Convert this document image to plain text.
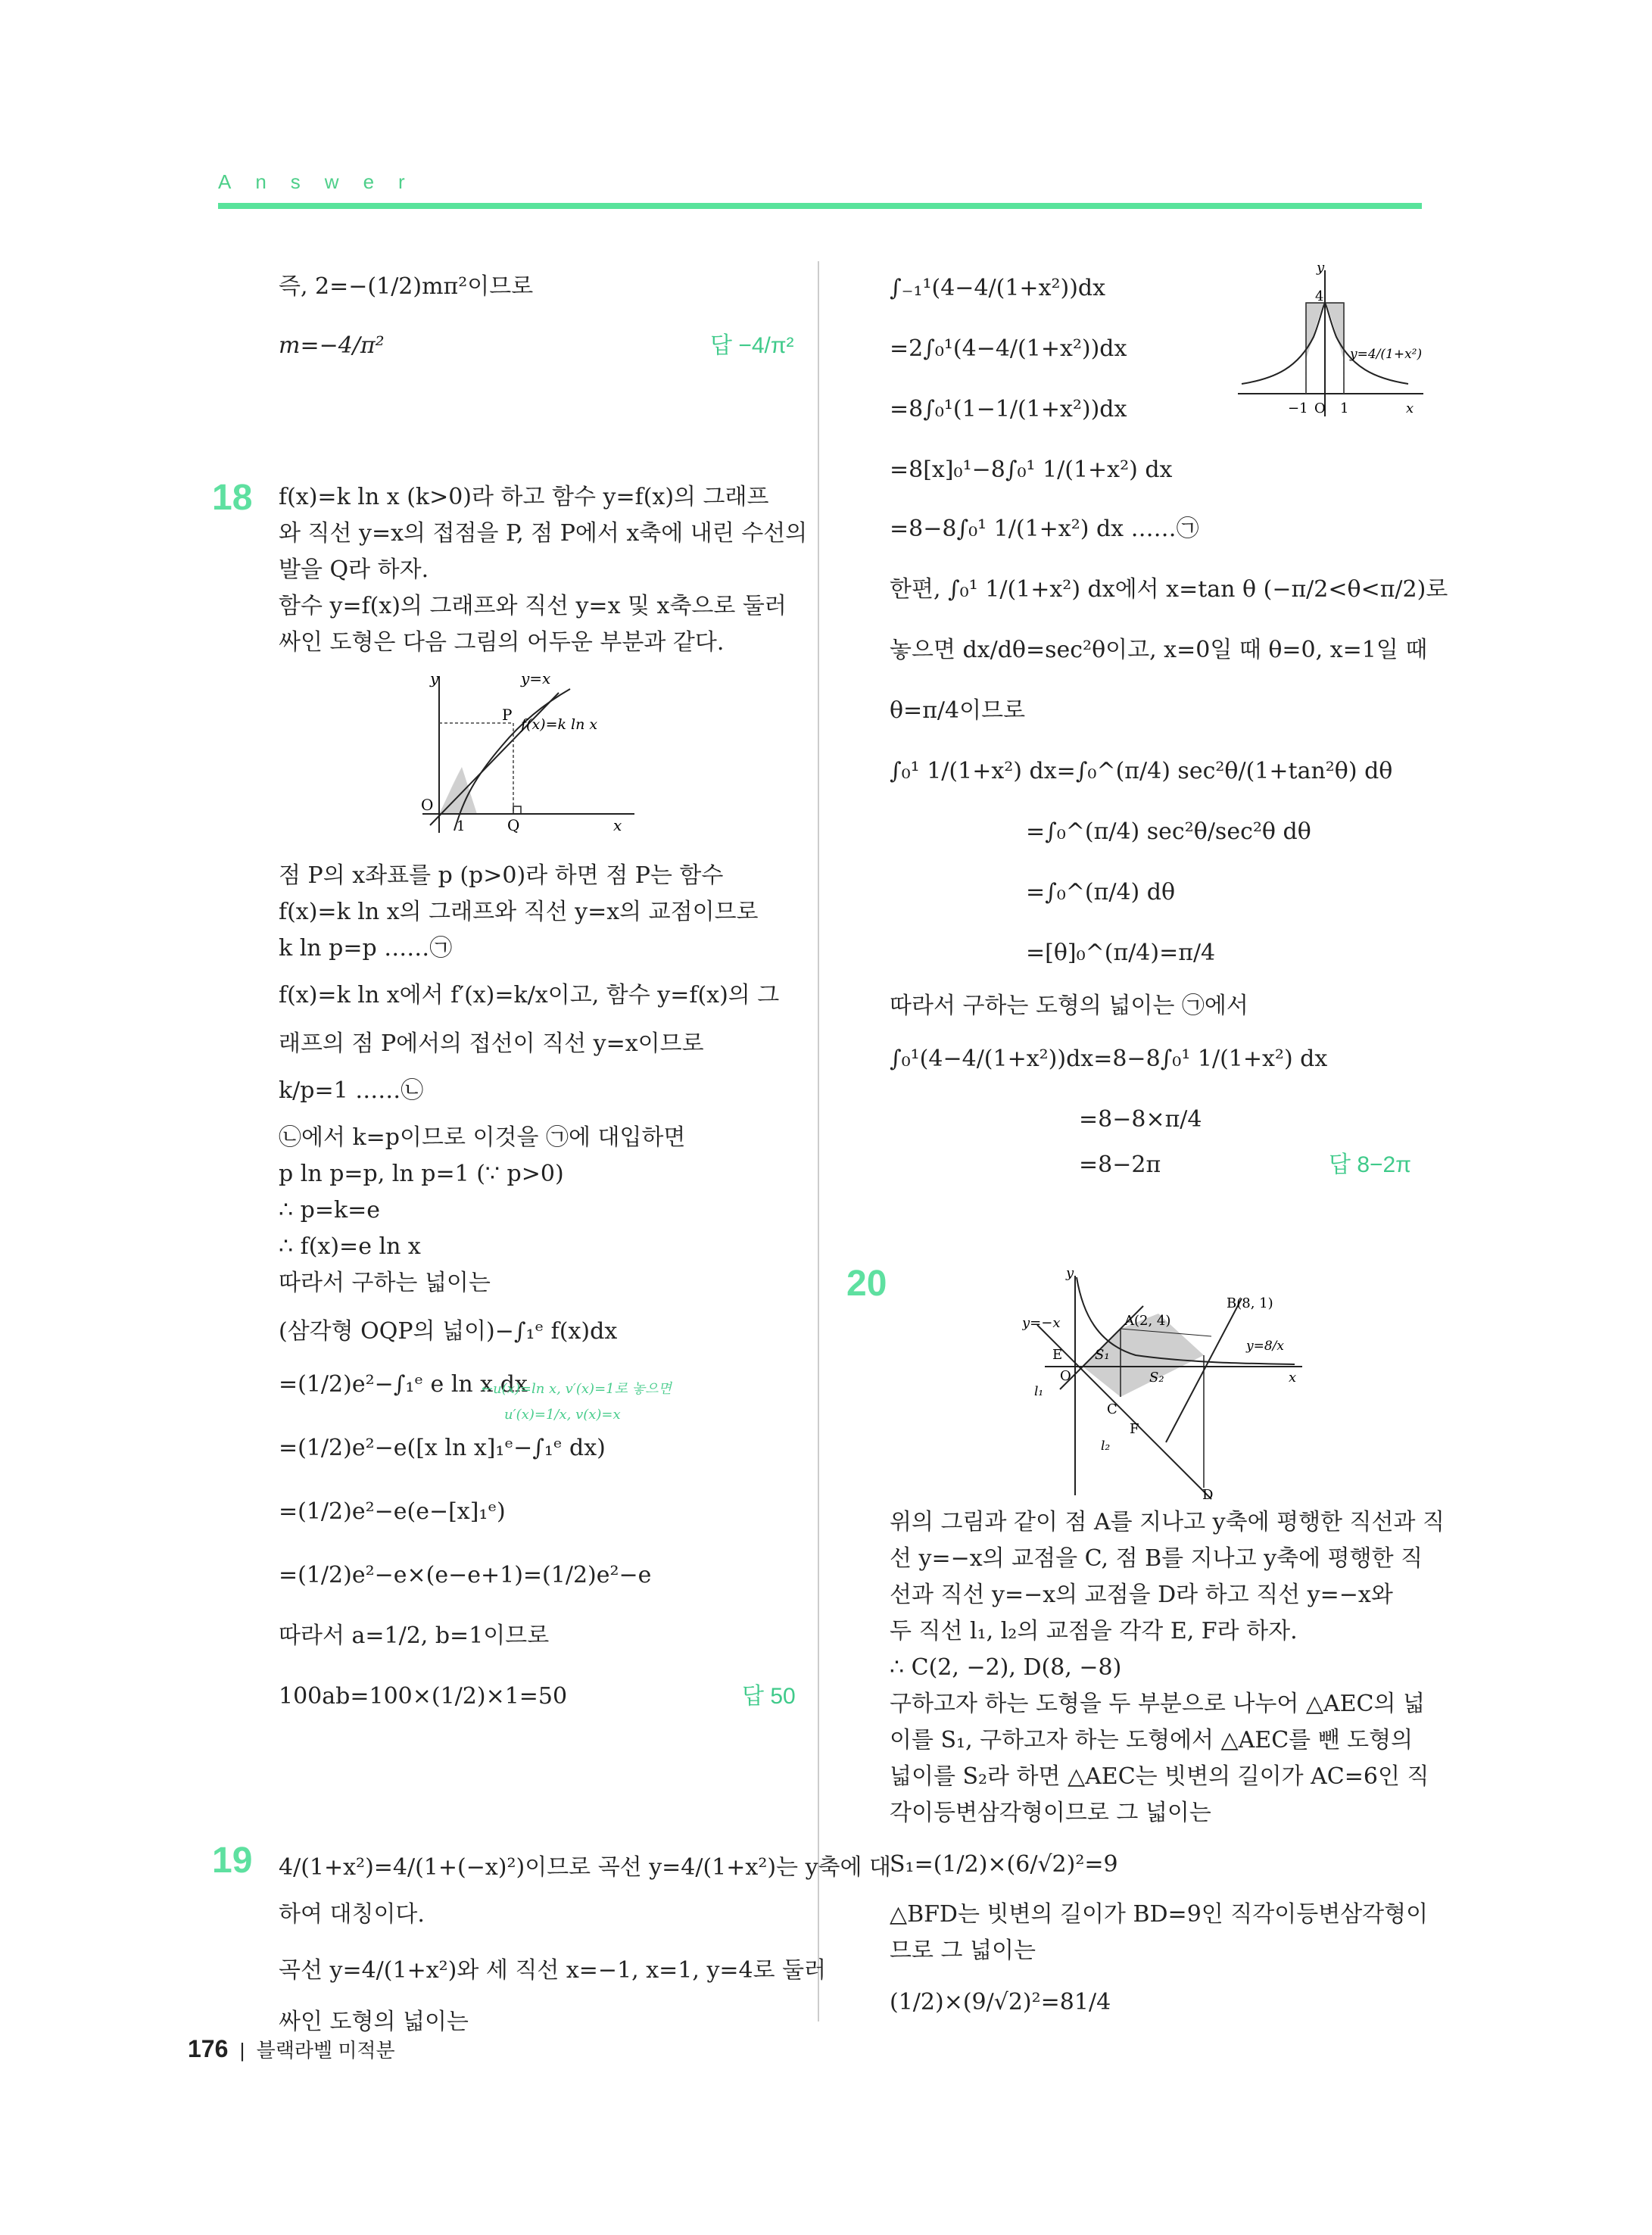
Answer
즉, 2=−(1/2)mπ²이므로
m=−4/π²	답 −4/π²
f(x)=k ln x (k>0)라 하고 함수 y=f(x)의 그래프
와 직선 y=x의 접점을 P, 점 P에서 x축에 내린 수선의
발을 Q라 하자.
함수 y=f(x)의 그래프와 직선 y=x 및 x축으로 둘러
싸인 도형은 다음 그림의 어두운 부분과 같다.
y	y=x
P
f(x)=k ln x
O
1	Q	x
점 P의 x좌표를 p (p>0)라 하면 점 P는 함수
f(x)=k ln x의 그래프와 직선 y=x의 교점이므로
k ln p=p ……㉠
f(x)=k ln x에서 f′(x)=k/x이고, 함수 y=f(x)의 그
래프의 점 P에서의 접선이 직선 y=x이므로
k/p=1 ……㉡
㉡에서 k=p이므로 이것을 ㉠에 대입하면
p ln p=p, ln p=1 (∵ p>0)
∴ p=k=e
∴ f(x)=e ln x
따라서 구하는 넓이는
(삼각형 OQP의 넓이)−∫₁ᵉ f(x)dx
=(1/2)e²−∫₁ᵉ e ln x dx
←u(x)=ln x, v′(x)=1로 놓으면
u′(x)=1/x, v(x)=x
=(1/2)e²−e([x ln x]₁ᵉ−∫₁ᵉ dx)
=(1/2)e²−e(e−[x]₁ᵉ)
=(1/2)e²−e×(e−e+1)=(1/2)e²−e
따라서 a=1/2, b=1이므로
100ab=100×(1/2)×1=50	답 50
4/(1+x²)=4/(1+(−x)²)이므로 곡선 y=4/(1+x²)는 y축에 대
하여 대칭이다.
곡선 y=4/(1+x²)와 세 직선 x=−1, x=1, y=4로 둘러
싸인 도형의 넓이는
18
19
∫₋₁¹(4−4/(1+x²))dx
=2∫₀¹(4−4/(1+x²))dx
=8∫₀¹(1−1/(1+x²))dx
=8[x]₀¹−8∫₀¹ 1/(1+x²) dx
=8−8∫₀¹ 1/(1+x²) dx ……㉠
한편, ∫₀¹ 1/(1+x²) dx에서 x=tan θ (−π/2<θ<π/2)로
놓으면 dx/dθ=sec²θ이고, x=0일 때 θ=0, x=1일 때
θ=π/4이므로
∫₀¹ 1/(1+x²) dx=∫₀^(π/4) sec²θ/(1+tan²θ) dθ
=∫₀^(π/4) sec²θ/sec²θ dθ
=∫₀^(π/4) dθ
=[θ]₀^(π/4)=π/4
따라서 구하는 도형의 넓이는 ㉠에서
∫₀¹(4−4/(1+x²))dx=8−8∫₀¹ 1/(1+x²) dx
=8−8×π/4
=8−2π	답 8−2π
y
4
y=4/(1+x²)
−1 O 1	x
y
B(8, 1)
A(2, 4)
y=−x
y=8/x
E S₁
O	S₂	x
l₁
C
F
l₂
D
위의 그림과 같이 점 A를 지나고 y축에 평행한 직선과 직
선 y=−x의 교점을 C, 점 B를 지나고 y축에 평행한 직
선과 직선 y=−x의 교점을 D라 하고 직선 y=−x와
두 직선 l₁, l₂의 교점을 각각 E, F라 하자.
∴ C(2, −2), D(8, −8)
구하고자 하는 도형을 두 부분으로 나누어 △AEC의 넓
이를 S₁, 구하고자 하는 도형에서 △AEC를 뺀 도형의
넓이를 S₂라 하면 △AEC는 빗변의 길이가 AC=6인 직
각이등변삼각형이므로 그 넓이는
S₁=(1/2)×(6/√2)²=9
△BFD는 빗변의 길이가 BD=9인 직각이등변삼각형이
므로 그 넓이는
(1/2)×(9/√2)²=81/4
20
176 | 블랙라벨 미적분
